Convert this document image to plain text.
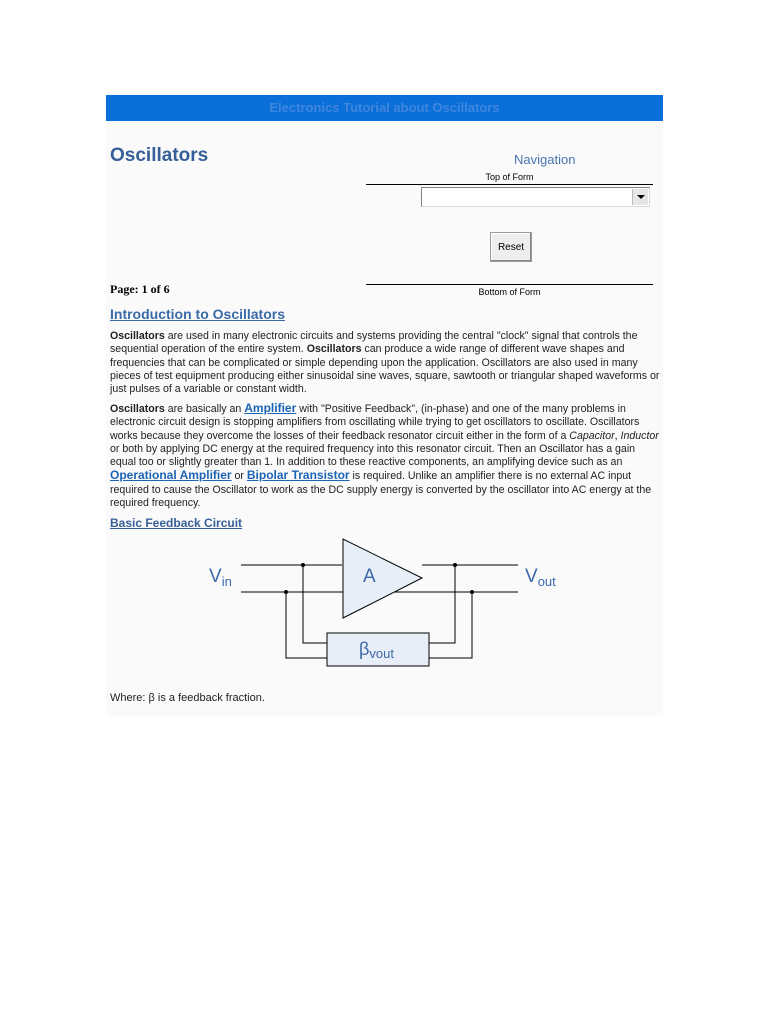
Electronics Tutorial about Oscillators
Oscillators	Navigation
Top of Form
Reset
Page: 1 of 6	Bottom of Form
Introduction to Oscillators
Oscillators are used in many electronic circuits and systems providing the central "clock" signal that controls the sequential operation of the entire system. Oscillators can produce a wide range of different wave shapes and frequencies that can be complicated or simple depending upon the application. Oscillators are also used in many pieces of test equipment producing either sinusoidal sine waves, square, sawtooth or triangular shaped waveforms or just pulses of a variable or constant width.
Oscillators are basically an Amplifier with "Positive Feedback", (in-phase) and one of the many problems in electronic circuit design is stopping amplifiers from oscillating while trying to get oscillators to oscillate. Oscillators works because they overcome the losses of their feedback resonator circuit either in the form of a Capacitor, Inductor or both by applying DC energy at the required frequency into this resonator circuit. Then an Oscillator has a gain equal too or slightly greater than 1. In addition to these reactive components, an amplifying device such as an Operational Amplifier or Bipolar Transistor is required. Unlike an amplifier there is no external AC input required to cause the Oscillator to work as the DC supply energy is converted by the oscillator into AC energy at the required frequency.
Basic Feedback Circuit
$V_{in}$	A	$V_{out}$
βvout
Where: β is a feedback fraction.
